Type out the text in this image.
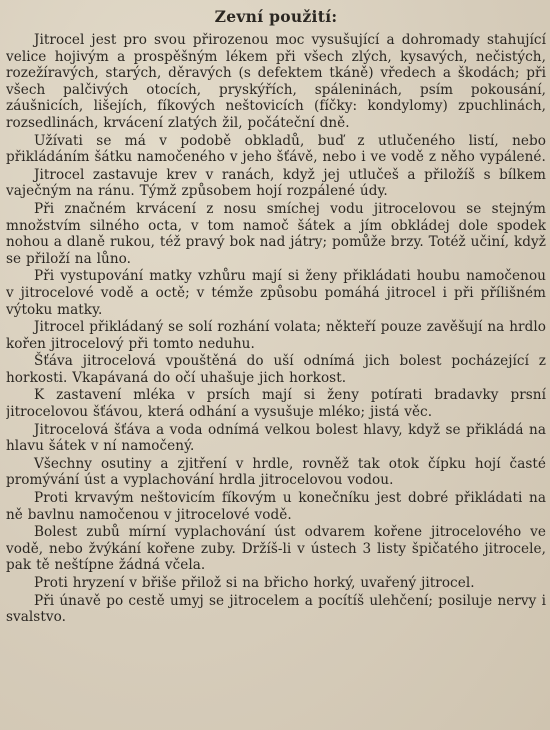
Zevní použití:

Jitrocel jest pro svou přirozenou moc vysušující a dohromady stahující velice hojivým a prospěšným lékem při všech zlých, kysavých, nečistých, rozežíravých, starých, děravých (s defektem tkáně) vředech a škodách; při všech palčivých otocích, pryskýřích, spáleninách, psím pokousání, záušnicích, lišejích, fíkových neštovicích (fíčky: kondylomy) zpuchlinách, rozsedlinách, krvácení zlatých žil, počáteční dně.

Užívati se má v podobě obkladů, buď z utlučeného listí, nebo přikládáním šátku namočeného v jeho šťávě, nebo i ve vodě z něho vypálené.

Jitrocel zastavuje krev v ranách, když jej utlučeš a přiložíš s bílkem vaječným na ránu. Týmž způsobem hojí rozpálené údy.

Při značném krvácení z nosu smíchej vodu jitrocelovou se stejným množstvím silného octa, v tom namoč šátek a jím obkládej dole spodek nohou a dlaně rukou, též pravý bok nad játry; pomůže brzy. Totéž učiní, když se přiloží na lůno.

Při vystupování matky vzhůru mají si ženy přikládati houbu namočenou v jitrocelové vodě a octě; v témže způsobu pomáhá jitrocel i při přílišném výtoku matky.

Jitrocel přikládaný se solí rozhání volata; někteří pouze zavěšují na hrdlo kořen jitrocelový při tomto neduhu.

Šťáva jitrocelová vpouštěná do uší odnímá jich bolest pocházející z horkosti. Vkapávaná do očí uhašuje jich horkost.

K zastavení mléka v prsích mají si ženy potírati bradavky prsní jitrocelovou šťávou, která odhání a vysušuje mléko; jistá věc.

Jitrocelová šťáva a voda odnímá velkou bolest hlavy, když se přikládá na hlavu šátek v ní namočený.

Všechny osutiny a zjitření v hrdle, rovněž tak otok čípku hojí časté promývání úst a vyplachování hrdla jitrocelovou vodou.

Proti krvavým neštovicím fíkovým u konečníku jest dobré přikládati na ně bavlnu namočenou v jitrocelové vodě.

Bolest zubů mírní vyplachování úst odvarem kořene jitrocelového ve vodě, nebo žvýkání kořene zuby. Držíš-li v ústech 3 listy špičatého jitrocele, pak tě neštípne žádná včela.

Proti hryzení v břiše přilož si na břicho horký, uvařený jitrocel.

Při únavě po cestě umyj se jitrocelem a pocítíš ulehčení; posiluje nervy i svalstvo.
